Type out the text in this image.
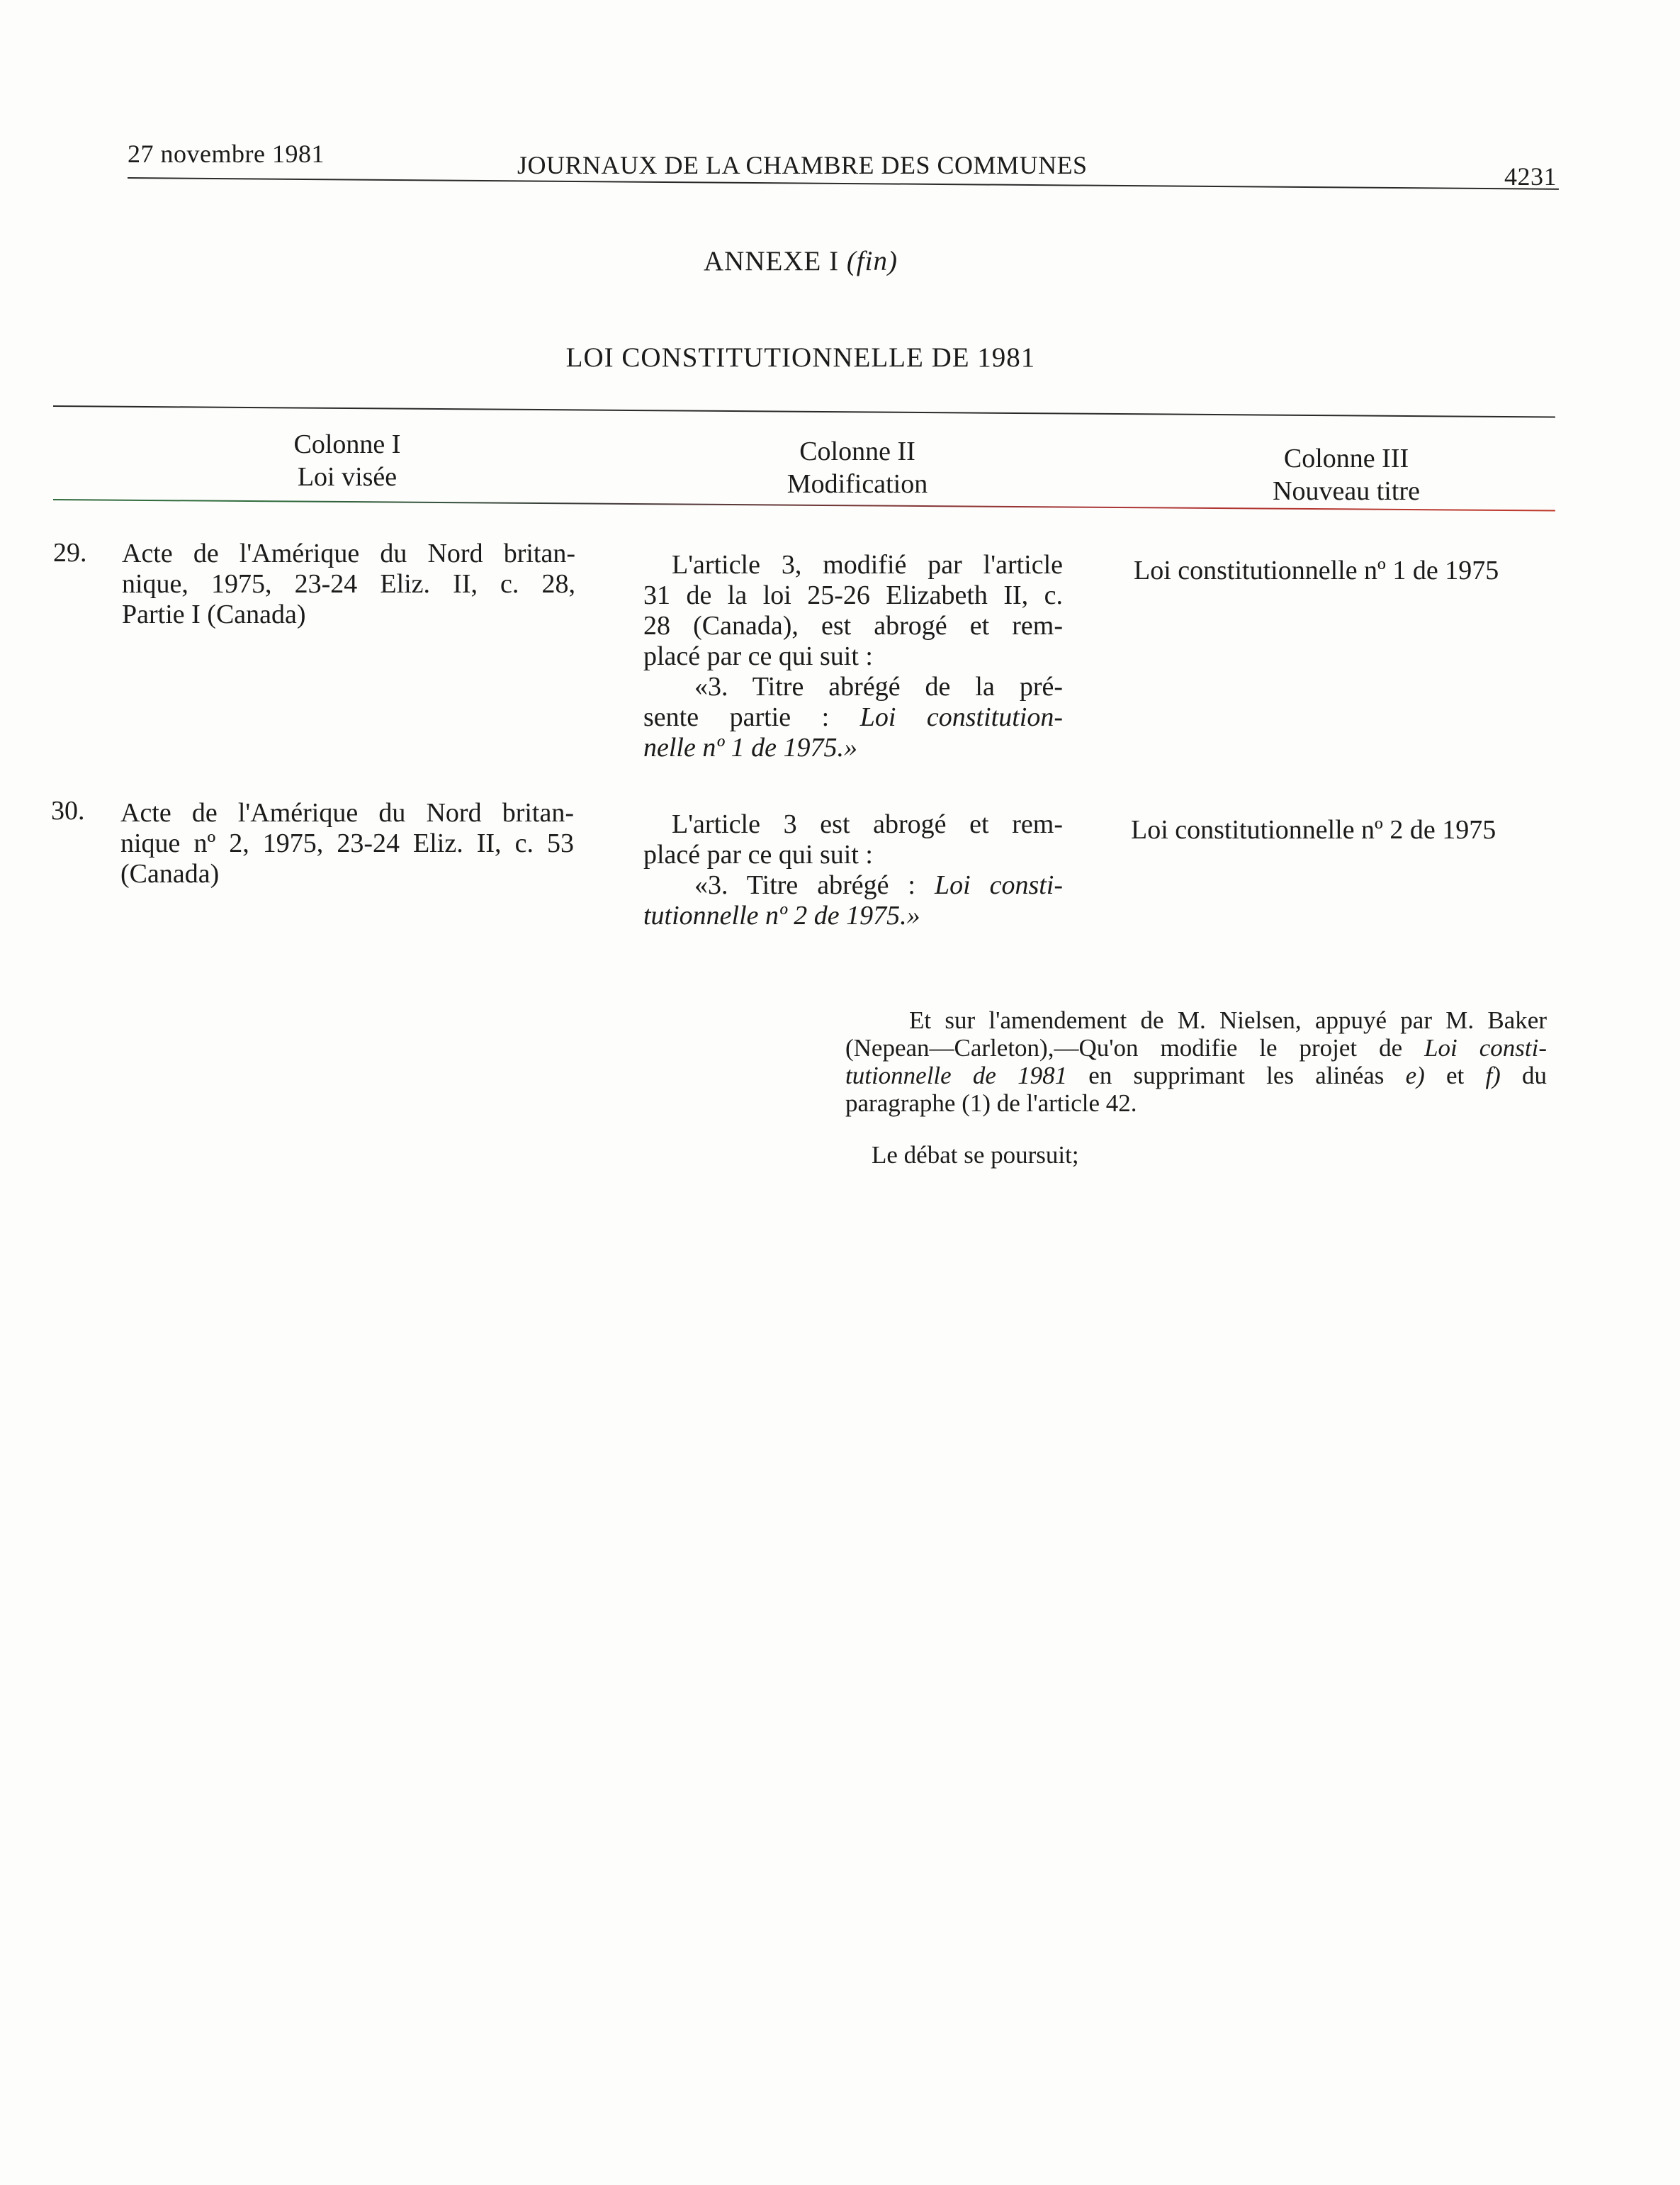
27 novembre 1981	JOURNAUX DE LA CHAMBRE DES COMMUNES	4231
ANNEXE I (fin)
LOI CONSTITUTIONNELLE DE 1981
Colonne I
Loi visée
Colonne II
Modification
Colonne III
Nouveau titre
29. Acte de l'Amérique du Nord britan-
nique, 1975, 23-24 Eliz. II, c. 28,
Partie I (Canada)
L'article 3, modifié par l'article
31 de la loi 25-26 Elizabeth II, c.
28 (Canada), est abrogé et rem-
placé par ce qui suit :
«3. Titre abrégé de la pré-
sente partie : Loi constitution-
nelle nº 1 de 1975.»
Loi constitutionnelle nº 1 de 1975
30. Acte de l'Amérique du Nord britan-
nique nº 2, 1975, 23-24 Eliz. II, c. 53
(Canada)
L'article 3 est abrogé et rem-
placé par ce qui suit :
«3. Titre abrégé : Loi consti-
tutionnelle nº 2 de 1975.»
Loi constitutionnelle nº 2 de 1975
Et sur l'amendement de M. Nielsen, appuyé par M. Baker
(Nepean—Carleton),—Qu'on modifie le projet de Loi consti-
tutionnelle de 1981 en supprimant les alinéas e) et f) du
paragraphe (1) de l'article 42.
Le débat se poursuit;
